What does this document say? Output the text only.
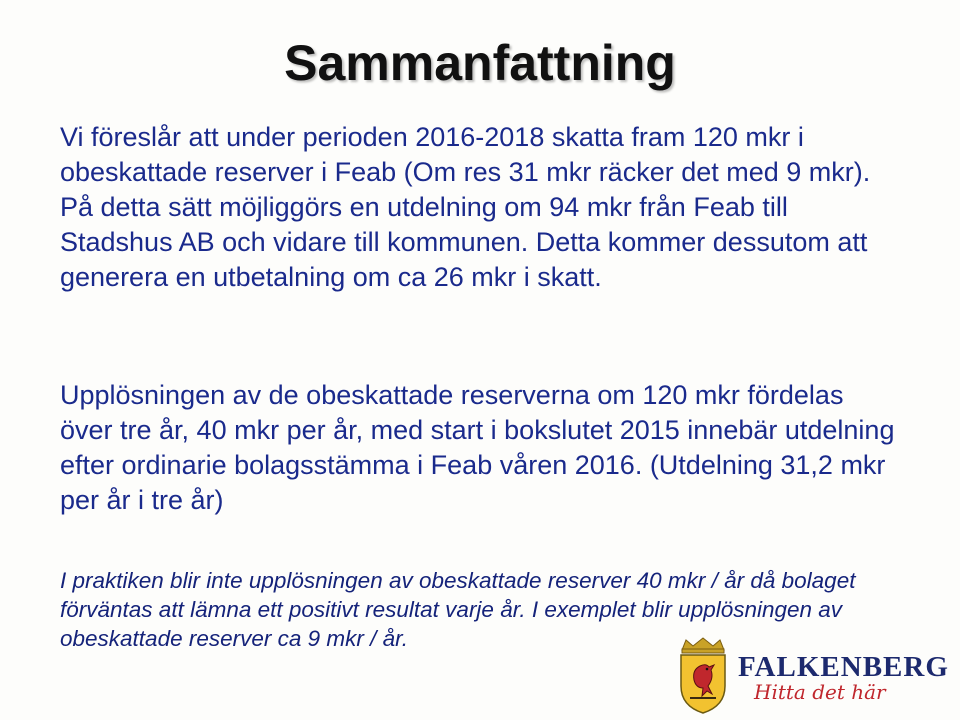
Sammanfattning
Vi föreslår att under perioden 2016-2018 skatta fram 120 mkr i obeskattade reserver i Feab (Om res 31 mkr räcker det med 9 mkr). På detta sätt möjliggörs en utdelning om 94 mkr från Feab till Stadshus AB och vidare till kommunen. Detta kommer dessutom att generera en utbetalning om ca 26 mkr i skatt.
Upplösningen av de obeskattade reserverna om 120 mkr fördelas över tre år, 40 mkr per år, med start i bokslutet 2015 innebär utdelning efter ordinarie bolagsstämma i Feab våren 2016. (Utdelning 31,2 mkr per år i tre år)
I praktiken blir inte upplösningen av obeskattade reserver 40 mkr / år då bolaget förväntas att lämna ett positivt resultat varje år. I exemplet blir upplösningen av obeskattade reserver ca 9 mkr / år.
FALKENBERG
Hitta det här
